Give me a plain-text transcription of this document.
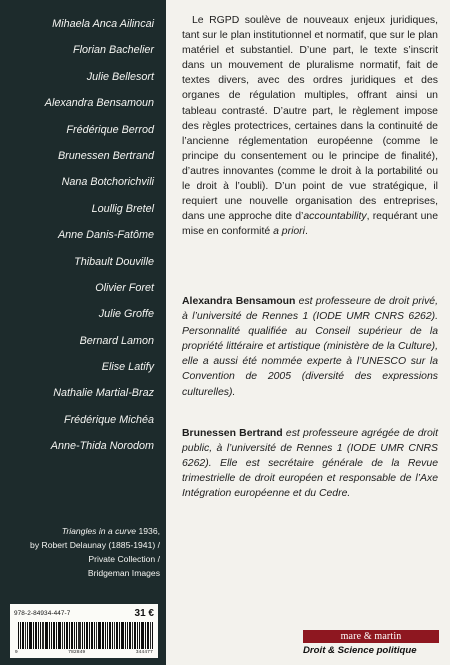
Mihaela Anca Ailincai
Florian Bachelier
Julie Bellesort
Alexandra Bensamoun
Frédérique Berrod
Brunessen Bertrand
Nana Botchorichvili
Loullig Bretel
Anne Danis-Fatôme
Thibault Douville
Olivier Foret
Julie Groffe
Bernard Lamon
Elise Latify
Nathalie Martial-Braz
Frédérique Michéa
Anne-Thida Norodom
Triangles in a curve 1936,
by Robert Delaunay (1885-1941) /
Private Collection /
Bridgeman Images
978-2-84934-447-7	31 €
9	782849	344477

Le RGPD soulève de nouveaux enjeux juridiques, tant sur le plan institutionnel et normatif, que sur le plan matériel et substantiel. D’une part, le texte s’inscrit dans un mouvement de pluralisme normatif, fait de textes divers, avec des ordres juridiques et des organes de régulation multiples, offrant ainsi un tableau contrasté. D’autre part, le règlement impose des règles protectrices, certaines dans la continuité de l’ancienne réglementation européenne (comme le principe du consentement ou le principe de finalité), d’autres innovantes (comme le droit à la portabilité ou le droit à l’oubli). D’un point de vue stratégique, il requiert une nouvelle organisation des entreprises, dans une approche dite d’accountability, requérant une mise en conformité a priori.

Alexandra Bensamoun est professeure de droit privé, à l’université de Rennes 1 (IODE UMR CNRS 6262). Personnalité qualifiée au Conseil supérieur de la propriété littéraire et artistique (ministère de la Culture), elle a aussi été nommée experte à l’UNESCO sur la Convention de 2005 (diversité des expressions culturelles).

Brunessen Bertrand est professeure agrégée de droit public, à l’université de Rennes 1 (IODE UMR CNRS 6262). Elle est secrétaire générale de la Revue trimestrielle de droit européen et responsable de l’Axe Intégration européenne et du Cedre.

mare & martin
Droit & Science politique
